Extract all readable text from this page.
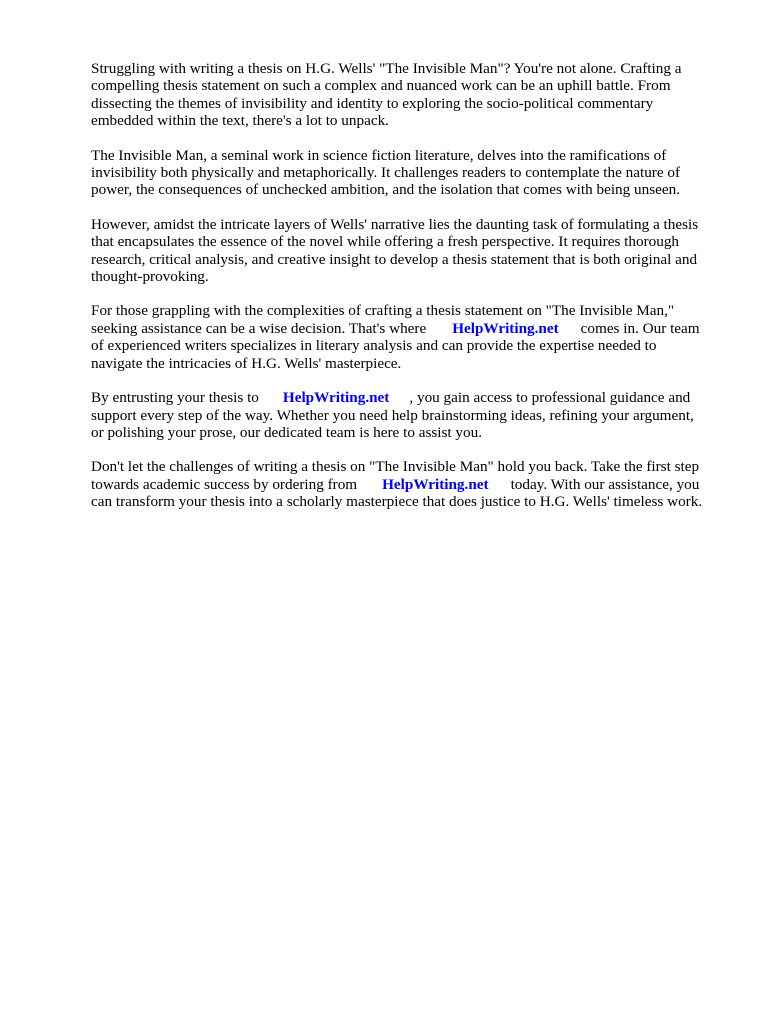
Struggling with writing a thesis on H.G. Wells' "The Invisible Man"? You're not alone. Crafting a
compelling thesis statement on such a complex and nuanced work can be an uphill battle. From
dissecting the themes of invisibility and identity to exploring the socio-political commentary
embedded within the text, there's a lot to unpack.

The Invisible Man, a seminal work in science fiction literature, delves into the ramifications of
invisibility both physically and metaphorically. It challenges readers to contemplate the nature of
power, the consequences of unchecked ambition, and the isolation that comes with being unseen.

However, amidst the intricate layers of Wells' narrative lies the daunting task of formulating a thesis
that encapsulates the essence of the novel while offering a fresh perspective. It requires thorough
research, critical analysis, and creative insight to develop a thesis statement that is both original and
thought-provoking.

For those grappling with the complexities of crafting a thesis statement on "The Invisible Man,"
seeking assistance can be a wise decision. That's where HelpWriting.net comes in. Our team
of experienced writers specializes in literary analysis and can provide the expertise needed to
navigate the intricacies of H.G. Wells' masterpiece.

By entrusting your thesis to HelpWriting.net , you gain access to professional guidance and
support every step of the way. Whether you need help brainstorming ideas, refining your argument,
or polishing your prose, our dedicated team is here to assist you.

Don't let the challenges of writing a thesis on "The Invisible Man" hold you back. Take the first step
towards academic success by ordering from HelpWriting.net today. With our assistance, you
can transform your thesis into a scholarly masterpiece that does justice to H.G. Wells' timeless work.
